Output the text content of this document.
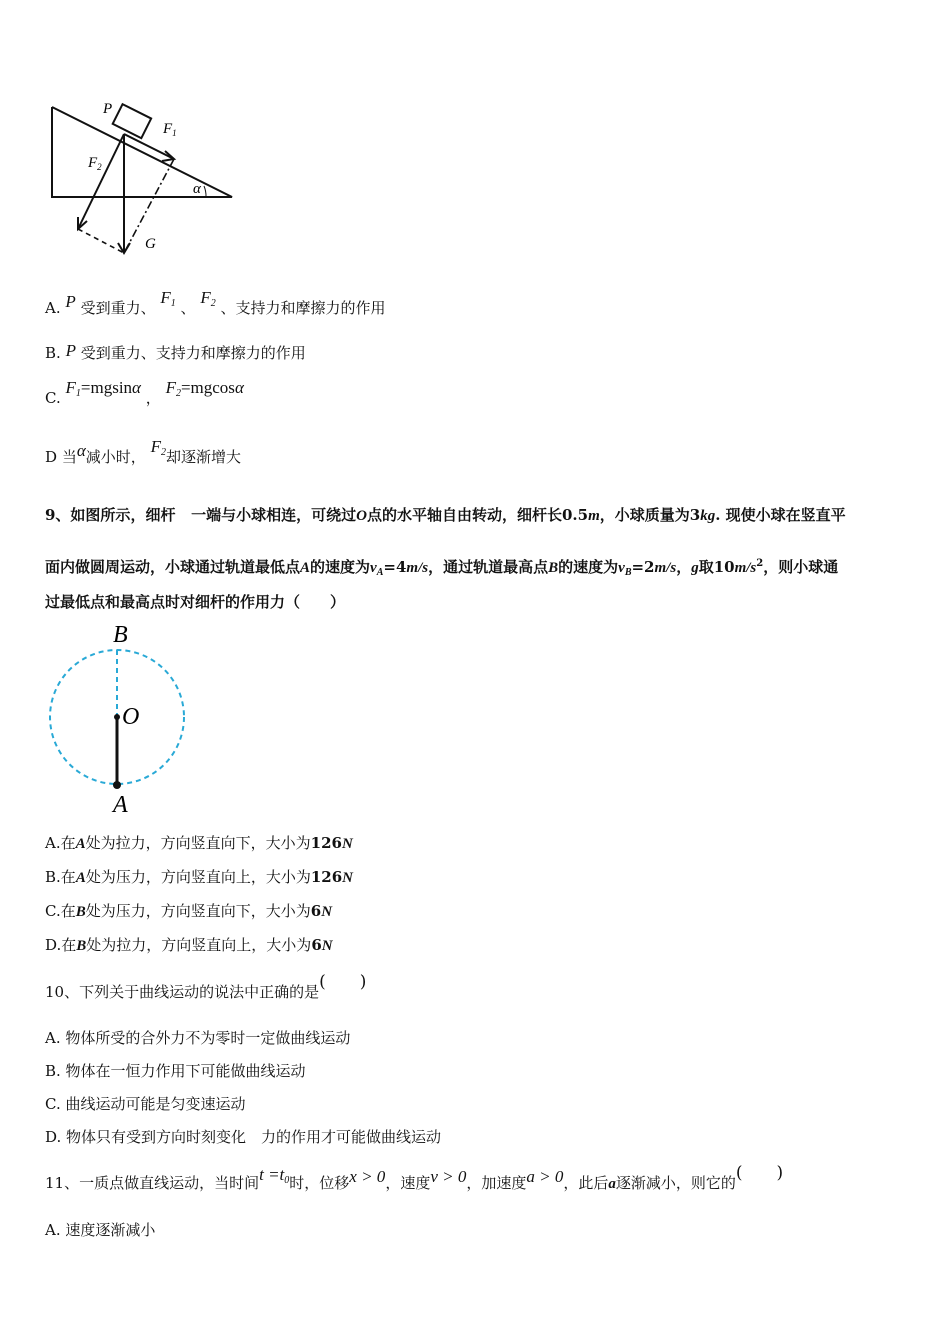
P
$F_1$
$F_2$
α
G
A. P 受到重力、 $F_1$ 、 $F_2$ 、支持力和摩擦力的作用
B. P 受到重力、支持力和摩擦力的作用
C. $F_1=mgsin\alpha$ ， $F_2=mgcos\alpha$
D 当α减小时， $F_2$却逐渐增大
9、如图所示，细杆 一端与小球相连，可绕过O点的水平轴自由转动，细杆长0.5m，小球质量为3kg. 现使小球在竖直平
面内做圆周运动，小球通过轨道最低点A的速度为$v_A=4m/s$，通过轨道最高点B的速度为$v_B=2m/s$，g取$10m/s^2$，则小球通
过最低点和最高点时对细杆的作用力（　　）
B
O
A
A.在A处为拉力，方向竖直向下，大小为126N
B.在A处为压力，方向竖直向上，大小为126N
C.在B处为压力，方向竖直向下，大小为6N
D.在B处为拉力，方向竖直向上，大小为6N
10、下列关于曲线运动的说法中正确的是(　　)
A. 物体所受的合外力不为零时一定做曲线运动
B. 物体在一恒力作用下可能做曲线运动
C. 曲线运动可能是匀变速运动
D. 物体只有受到方向时刻变化　力的作用才可能做曲线运动
11、一质点做直线运动，当时间$t =t_0$时，位移x > 0，速度v > 0，加速度a > 0，此后a逐渐减小，则它的(　　)
A. 速度逐渐减小
